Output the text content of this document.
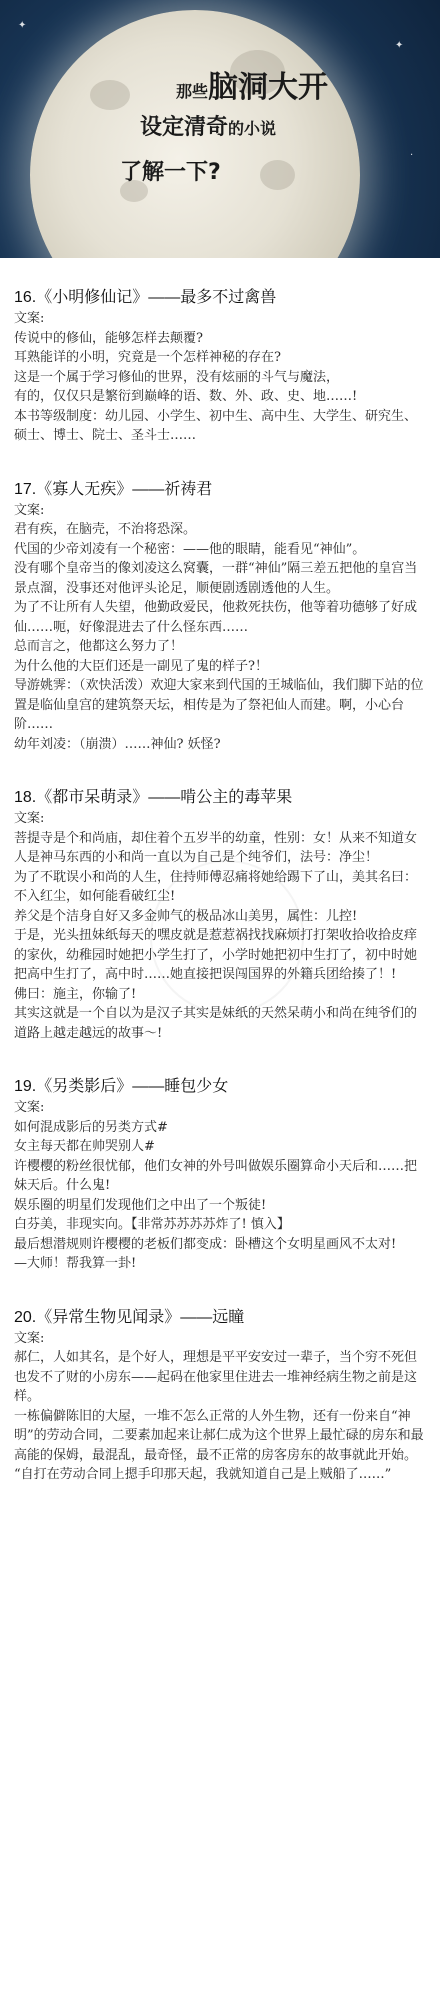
✦
✦
·
那些脑洞大开
设定清奇的小说
了解一下?
16.《小明修仙记》——最多不过禽兽

文案:

传说中的修仙，能够怎样去颠覆?

耳熟能详的小明，究竟是一个怎样神秘的存在?

这是一个属于学习修仙的世界，没有炫丽的斗气与魔法，

有的，仅仅只是繁衍到巅峰的语、数、外、政、史、地……!

本书等级制度：幼儿园、小学生、初中生、高中生、大学生、研究生、硕士、博士、院士、圣斗士……

17.《寡人无疾》——祈祷君

文案:

君有疾，在脑壳，不治将恐深。

代国的少帝刘凌有一个秘密：——他的眼睛，能看见“神仙”。

没有哪个皇帝当的像刘凌这么窝囊，一群“神仙”隔三差五把他的皇宫当景点溜，没事还对他评头论足，顺便剧透剧透他的人生。

为了不让所有人失望，他勤政爱民，他救死扶伤，他等着功德够了好成仙……呃，好像混进去了什么怪东西……

总而言之，他都这么努力了！

为什么他的大臣们还是一副见了鬼的样子?！

导游姚霁：（欢快活泼）欢迎大家来到代国的王城临仙，我们脚下站的位置是临仙皇宫的建筑祭天坛，相传是为了祭祀仙人而建。啊，小心台阶……

幼年刘凌：（崩溃）……神仙? 妖怪?

18.《都市呆萌录》——啃公主的毒苹果

文案:

菩提寺是个和尚庙，却住着个五岁半的幼童，性别：女！从来不知道女人是神马东西的小和尚一直以为自己是个纯爷们，法号：净尘！

为了不耽误小和尚的人生，住持师傅忍痛将她给踢下了山，美其名曰：不入红尘，如何能看破红尘!

养父是个洁身自好又多金帅气的极品冰山美男，属性：儿控!

于是，光头扭妹纸每天的嘿皮就是惹惹祸找找麻烦打打架收拾收拾皮痒的家伙，幼稚园时她把小学生打了，小学时她把初中生打了，初中时她把高中生打了，高中时……她直接把误闯国界的外籍兵团给揍了！!

佛曰：施主，你输了!

其实这就是一个自以为是汉子其实是妹纸的天然呆萌小和尚在纯爷们的道路上越走越远的故事～!

19.《另类影后》——睡包少女

文案:

如何混成影后的另类方式#

女主每天都在帅哭别人#

许樱樱的粉丝很忧郁，他们女神的外号叫做娱乐圈算命小天后和……把妹天后。什么鬼!

娱乐圈的明星们发现他们之中出了一个叛徒!

白芬美，非现实向。【非常苏苏苏苏炸了! 慎入】

最后想潜规则许樱樱的老板们都变成：卧槽这个女明星画风不太对!

—大师！帮我算一卦!

20.《异常生物见闻录》——远瞳

文案:

郝仁，人如其名，是个好人，理想是平平安安过一辈子，当个穷不死但也发不了财的小房东——起码在他家里住进去一堆神经病生物之前是这样。

一栋偏僻陈旧的大屋，一堆不怎么正常的人外生物，还有一份来自“神明”的劳动合同，二要素加起来让郝仁成为这个世界上最忙碌的房东和最高能的保姆，最混乱，最奇怪，最不正常的房客房东的故事就此开始。

“自打在劳动合同上摁手印那天起，我就知道自己是上贼船了……”
